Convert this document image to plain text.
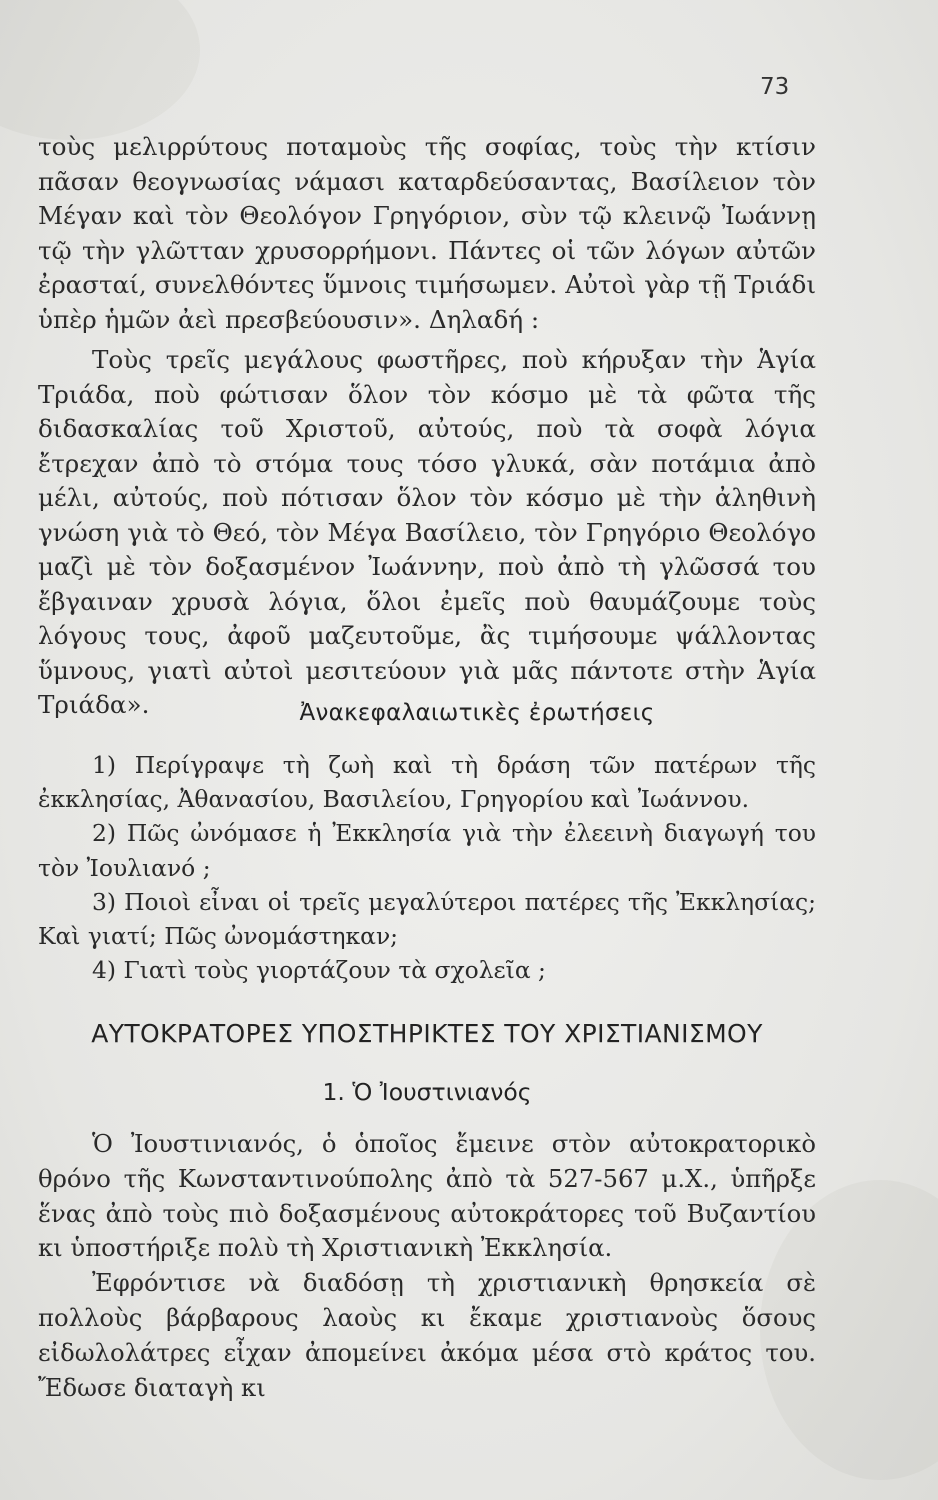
73

τοὺς μελιρρύτους ποταμοὺς τῆς σοφίας, τοὺς τὴν κτίσιν πᾶσαν θεογνωσίας νάμασι καταρδεύσαντας, Βασίλειον τὸν Μέγαν καὶ τὸν Θεολόγον Γρηγόριον, σὺν τῷ κλεινῷ Ἰωάννῃ τῷ τὴν γλῶτταν χρυσορρήμονι. Πάντες οἱ τῶν λόγων αὐτῶν ἐρασταί, συνελθόντες ὕμνοις τιμήσωμεν. Αὐτοὶ γὰρ τῇ Τριάδι ὑπὲρ ἡμῶν ἀεὶ πρεσβεύουσιν». Δηλαδή :

Τοὺς τρεῖς μεγάλους φωστῆρες, ποὺ κήρυξαν τὴν Ἁγία Τριάδα, ποὺ φώτισαν ὅλον τὸν κόσμο μὲ τὰ φῶτα τῆς διδασκαλίας τοῦ Χριστοῦ, αὐτούς, ποὺ τὰ σοφὰ λόγια ἔτρεχαν ἀπὸ τὸ στόμα τους τόσο γλυκά, σὰν ποτάμια ἀπὸ μέλι, αὐτούς, ποὺ πότισαν ὅλον τὸν κόσμο μὲ τὴν ἀληθινὴ γνώση γιὰ τὸ Θεό, τὸν Μέγα Βασίλειο, τὸν Γρηγόριο Θεολόγο μαζὶ μὲ τὸν δοξασμένον Ἰωάννην, ποὺ ἀπὸ τὴ γλῶσσά του ἔβγαιναν χρυσὰ λόγια, ὅλοι ἐμεῖς ποὺ θαυμάζουμε τοὺς λόγους τους, ἀφοῦ μαζευτοῦμε, ἂς τιμήσουμε ψάλλοντας ὕμνους, γιατὶ αὐτοὶ μεσιτεύουν γιὰ μᾶς πάντοτε στὴν Ἁγία Τριάδα».	Ἀνακεφαλαιωτικὲς ἐρωτήσεις

1) Περίγραψε τὴ ζωὴ καὶ τὴ δράση τῶν πατέρων τῆς ἐκκλησίας, Ἀθανασίου, Βασιλείου, Γρηγορίου καὶ Ἰωάννου.

2) Πῶς ὠνόμασε ἡ Ἐκκλησία γιὰ τὴν ἐλεεινὴ διαγωγή του τὸν Ἰουλιανό ;

3) Ποιοὶ εἶναι οἱ τρεῖς μεγαλύτεροι πατέρες τῆς Ἐκκλησίας; Καὶ γιατί; Πῶς ὠνομάστηκαν;

4) Γιατὶ τοὺς γιορτάζουν τὰ σχολεῖα ;

ΑΥΤΟΚΡΑΤΟΡΕΣ ΥΠΟΣΤΗΡΙΚΤΕΣ ΤΟΥ ΧΡΙΣΤΙΑΝΙΣΜΟΥ
1. Ὁ Ἰουστινιανός

Ὁ Ἰουστινιανός, ὁ ὁποῖος ἔμεινε στὸν αὐτοκρατορικὸ θρόνο τῆς Κωνσταντινούπολης ἀπὸ τὰ 527-567 μ.Χ., ὑπῆρξε ἕνας ἀπὸ τοὺς πιὸ δοξασμένους αὐτοκράτορες τοῦ Βυζαντίου κι ὑποστήριξε πολὺ τὴ Χριστιανικὴ Ἐκκλησία.

Ἐφρόντισε νὰ διαδόσῃ τὴ χριστιανικὴ θρησκεία σὲ πολλοὺς βάρβαρους λαοὺς κι ἔκαμε χριστιανοὺς ὅσους εἰδωλολάτρες εἶχαν ἀπομείνει ἀκόμα μέσα στὸ κράτος του. Ἔδωσε διαταγὴ κι
